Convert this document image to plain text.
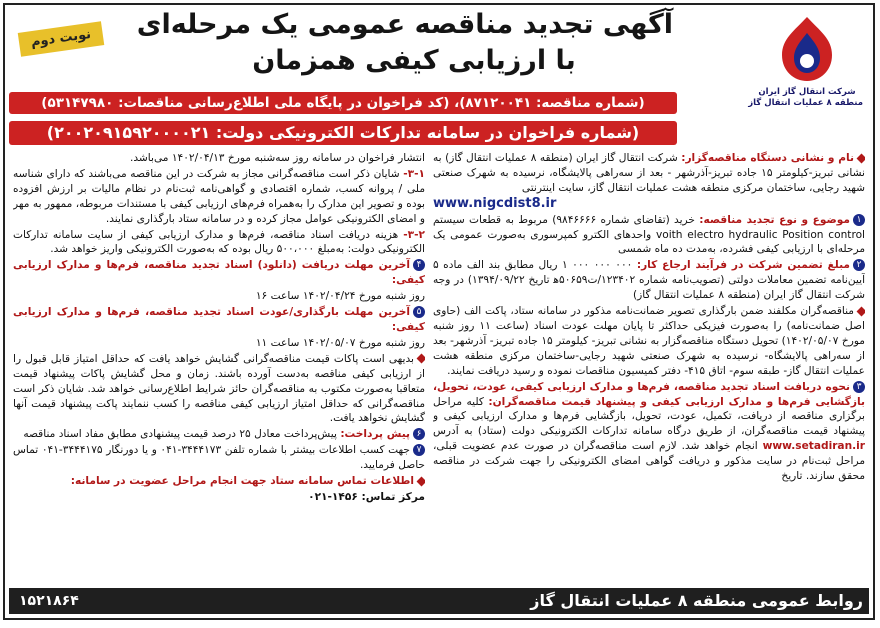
شرکت انتقال گاز ایران
منطقه ۸ عملیات انتقال گاز
نوبت دوم	آگهی تجدید مناقصه عمومی یک مرحله‌ای
با ارزیابی کیفی همزمان
(شماره مناقصه: ۸۷۱۲۰۰۴۱)، (کد فراخوان در پایگاه ملی اطلاع‌رسانی مناقصات: ۵۳۱۴۷۹۸۰)
(شماره فراخوان در سامانه تدارکات الکترونیکی دولت: ۲۰۰۲۰۹۱۵۹۲۰۰۰۰۲۱)

نام و نشانی دستگاه مناقصه‌گزار: شرکت انتقال گاز ایران (منطقه ۸ عملیات انتقال گاز) به نشانی تبریز-کیلومتر ۱۵ جاده تبریز-آذرشهر - بعد از سه‌راهی پالایشگاه، نرسیده به شهرک صنعتی شهید رجایی، ساختمان مرکزی منطقه هشت عملیات انتقال گاز، سایت اینترنتی

www.nigcdist8.ir

۱موضوع و نوع تجدید مناقصه: خرید (تقاضای شماره ۹۸۴۶۶۶۶) مربوط به قطعات سیستم voith electro hydraulic Position control واحدهای الکترو کمپرسوری به‌صورت عمومی یک مرحله‌ای با ارزیابی کیفی فشرده، به‌مدت ده ماه شمسی

۲مبلغ تضمین شرکت در فرآیند ارجاع کار: ۰۰۰ ۰۰۰ ۰۰۰ ۱ ریال مطابق بند الف ماده ۵ آیین‌نامه تضمین معاملات دولتی (تصویب‌نامه شماره ۱۲۳۴۰۲/ت۵۰۶۵۹ه‍ تاریخ ۱۳۹۴/۰۹/۲۲) در وجه شرکت انتقال گاز ایران (منطقه ۸ عملیات انتقال گاز)

مناقصه‌گران مکلفند ضمن بارگذاری تصویر ضمانت‌نامه مذکور در سامانه ستاد، پاکت الف (حاوی اصل ضمانت‌نامه) را به‌صورت فیزیکی حداکثر تا پایان مهلت عودت اسناد (ساعت ۱۱ روز شنبه مورخ ۱۴۰۲/۰۵/۰۷) تحویل دستگاه مناقصه‌گزار به نشانی تبریز- کیلومتر ۱۵ جاده تبریز- آذرشهر- بعد از سه‌راهی پالایشگاه- نرسیده به شهرک صنعتی شهید رجایی-ساختمان مرکزی منطقه هشت عملیات انتقال گاز- طبقه سوم- اتاق ۴۱۵- دفتر کمیسیون مناقصات نموده و رسید دریافت نمایند.

۳نحوه دریافت اسناد تجدید مناقصه، فرم‌ها و مدارک ارزیابی کیفی، عودت، تحویل، بازگشایی فرم‌ها و مدارک ارزیابی کیفی و پیشنهاد قیمت مناقصه‌گران: کلیه مراحل برگزاری مناقصه از دریافت، تکمیل، عودت، تحویل، بازگشایی فرم‌ها و مدارک ارزیابی کیفی و پیشنهاد قیمت مناقصه‌گران، از طریق درگاه سامانه تدارکات الکترونیکی دولت (ستاد) به آدرس www.setadiran.ir انجام خواهد شد. لازم است مناقصه‌گران در صورت عدم عضویت قبلی، مراحل ثبت‌نام در سایت مذکور و دریافت گواهی امضای الکترونیکی را جهت شرکت در مناقصه محقق سازند. تاریخ

انتشار فراخوان در سامانه روز سه‌شنبه مورخ ۱۴۰۲/۰۴/۱۳ می‌باشد.

۳-۱- شایان ذکر است مناقصه‌گرانی مجاز به شرکت در این مناقصه می‌باشند که دارای شناسه ملی / پروانه کسب، شماره اقتصادی و گواهی‌نامه ثبت‌نام در نظام مالیات بر ارزش افزوده بوده و تصویر این مدارک را به‌همراه فرم‌های ارزیابی کیفی با مستندات مربوطه، ممهور به مهر و امضای الکترونیکی عوامل مجاز کرده و در سامانه ستاد بارگذاری نمایند.

۳-۲- هزینه دریافت اسناد مناقصه، فرم‌ها و مدارک ارزیابی کیفی از سایت سامانه تدارکات الکترونیکی دولت: به‌مبلغ ۵۰۰،۰۰۰ ریال بوده که به‌صورت الکترونیکی واریز خواهد شد.

۴آخرین مهلت دریافت (دانلود) اسناد تجدید مناقصه، فرم‌ها و مدارک ارزیابی کیفی:

روز شنبه مورخ ۱۴۰۲/۰۴/۲۴ ساعت ۱۶

۵آخرین مهلت بارگذاری/عودت اسناد تجدید مناقصه، فرم‌ها و مدارک ارزیابی کیفی:

روز شنبه مورخ ۱۴۰۲/۰۵/۰۷ ساعت ۱۱

بدیهی است پاکات قیمت مناقصه‌گرانی گشایش خواهد یافت که حداقل امتیاز قابل قبول را از ارزیابی کیفی مناقصه به‌دست آورده باشند. زمان و محل گشایش پاکات پیشنهاد قیمت متعاقبا به‌صورت مکتوب به مناقصه‌گران حائز شرایط اطلاع‌رسانی خواهد شد. شایان ذکر است مناقصه‌گرانی که حداقل امتیاز ارزیابی کیفی مناقصه را کسب ننمایند پاکت پیشنهاد قیمت آنها گشایش نخواهد یافت.

۶پیش پرداخت: پیش‌پرداخت معادل ۲۵ درصد قیمت پیشنهادی مطابق مفاد اسناد مناقصه

۷جهت کسب اطلاعات بیشتر با شماره تلفن ۳۴۴۴۱۷۳-۰۴۱ و یا دورنگار ۳۴۴۴۱۷۵-۰۴۱ تماس حاصل فرمایید.

اطلاعات تماس سامانه ستاد جهت انجام مراحل عضویت در سامانه:

مرکز تماس: ۱۴۵۶-۰۲۱

روابط عمومی منطقه ۸ عملیات انتقال گاز
۱۵۲۱۸۶۴
